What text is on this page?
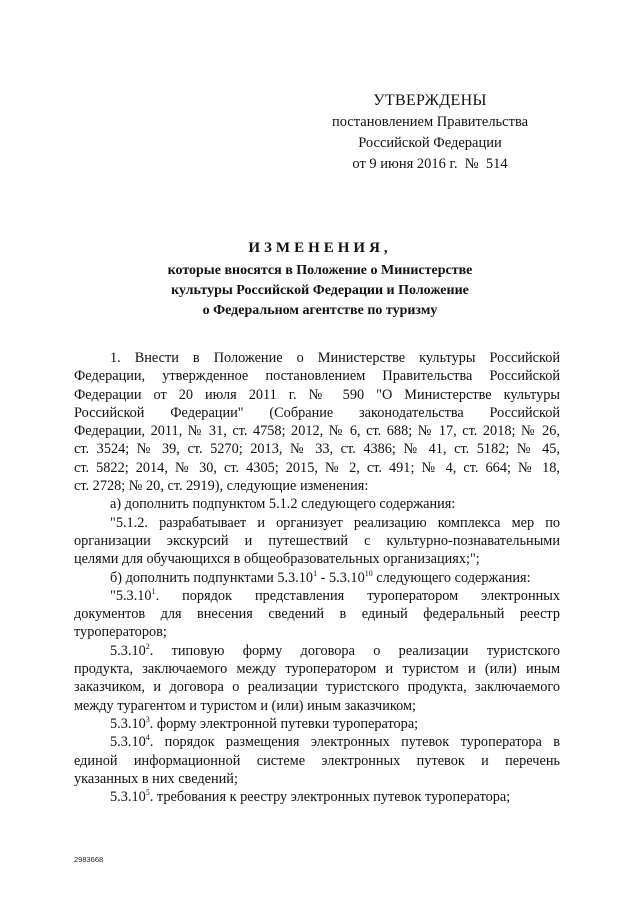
УТВЕРЖДЕНЫ
постановлением Правительства
Российской Федерации
от 9 июня 2016 г.  №  514
ИЗМЕНЕНИЯ,
которые вносятся в Положение о Министерстве
культуры Российской Федерации и Положение
о Федеральном агентстве по туризму
1. Внести в Положение о Министерстве культуры Российской
Федерации, утвержденное постановлением Правительства Российской
Федерации от 20 июля 2011 г. № 590 "О Министерстве культуры
Российской Федерации" (Собрание законодательства Российской
Федерации, 2011, № 31, ст. 4758; 2012, № 6, ст. 688; № 17, ст. 2018; № 26,
ст. 3524; № 39, ст. 5270; 2013, № 33, ст. 4386; № 41, ст. 5182; № 45,
ст. 5822; 2014, № 30, ст. 4305; 2015, № 2, ст. 491; № 4, ст. 664; № 18,
ст. 2728; № 20, ст. 2919), следующие изменения:
а) дополнить подпунктом 5.1.2 следующего содержания:
"5.1.2. разрабатывает и организует реализацию комплекса мер по
организации экскурсий и путешествий с культурно-познавательными
целями для обучающихся в общеобразовательных организациях;";
б) дополнить подпунктами 5.3.10$^1$ - 5.3.10$^{10}$ следующего содержания:
"5.3.10$^1$. порядок представления туроператором электронных
документов для внесения сведений в единый федеральный реестр
туроператоров;
5.3.10$^2$. типовую форму договора о реализации туристского
продукта, заключаемого между туроператором и туристом и (или) иным
заказчиком, и договора о реализации туристского продукта, заключаемого
между турагентом и туристом и (или) иным заказчиком;
5.3.10$^3$. форму электронной путевки туроператора;
5.3.10$^4$. порядок размещения электронных путевок туроператора в
единой информационной системе электронных путевок и перечень
указанных в них сведений;
5.3.10$^5$. требования к реестру электронных путевок туроператора;
2983668
